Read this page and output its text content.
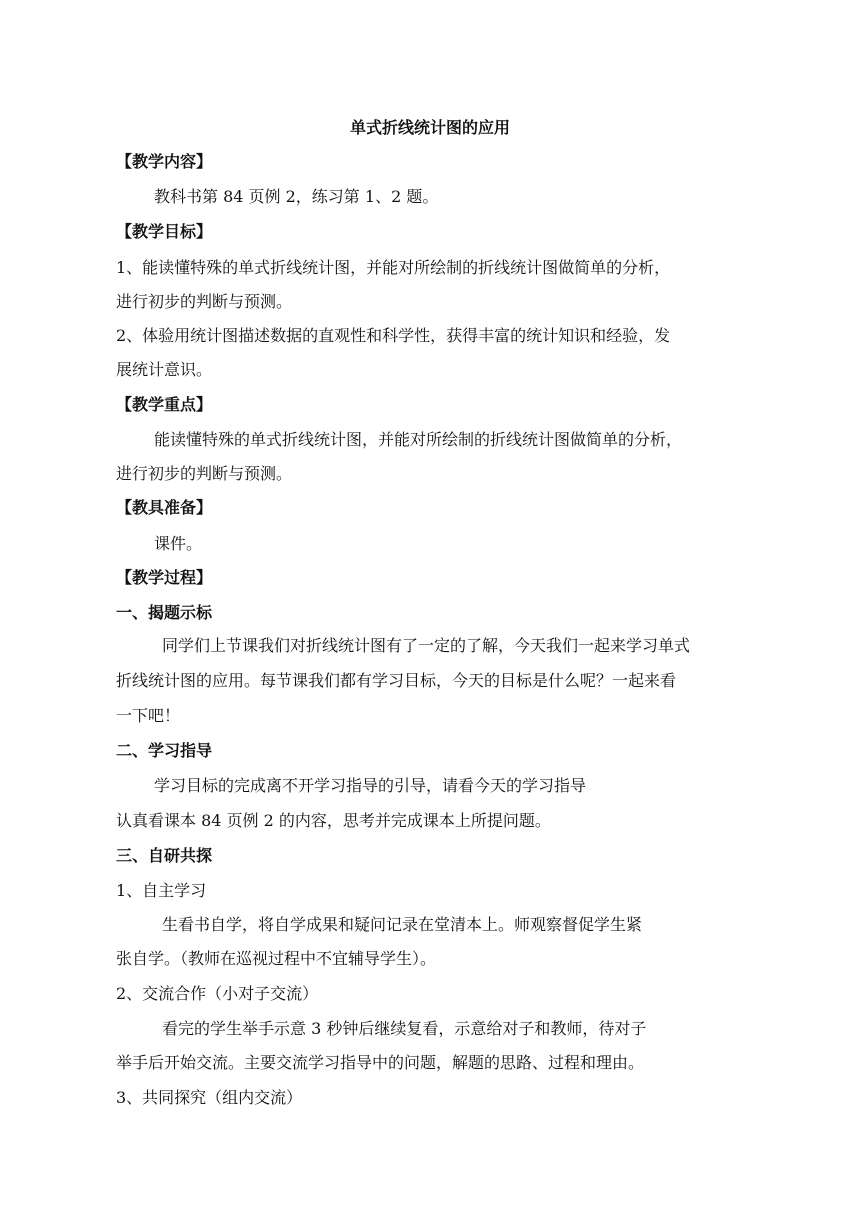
单式折线统计图的应用
【教学内容】
教科书第 84 页例 2，练习第 1、2 题。
【教学目标】
1、能读懂特殊的单式折线统计图，并能对所绘制的折线统计图做简单的分析，
进行初步的判断与预测。
2、体验用统计图描述数据的直观性和科学性，获得丰富的统计知识和经验，发
展统计意识。
【教学重点】
能读懂特殊的单式折线统计图，并能对所绘制的折线统计图做简单的分析，
进行初步的判断与预测。
【教具准备】
课件。
【教学过程】
一、揭题示标
同学们上节课我们对折线统计图有了一定的了解，今天我们一起来学习单式
折线统计图的应用。每节课我们都有学习目标，今天的目标是什么呢？一起来看
一下吧！
二、学习指导
学习目标的完成离不开学习指导的引导，请看今天的学习指导
认真看课本 84 页例 2 的内容，思考并完成课本上所提问题。
三、自研共探
1、自主学习
生看书自学，将自学成果和疑问记录在堂清本上。师观察督促学生紧
张自学。（教师在巡视过程中不宜辅导学生）。
2、交流合作（小对子交流）
看完的学生举手示意 3 秒钟后继续复看，示意给对子和教师，待对子
举手后开始交流。主要交流学习指导中的问题，解题的思路、过程和理由。
3、共同探究（组内交流）
